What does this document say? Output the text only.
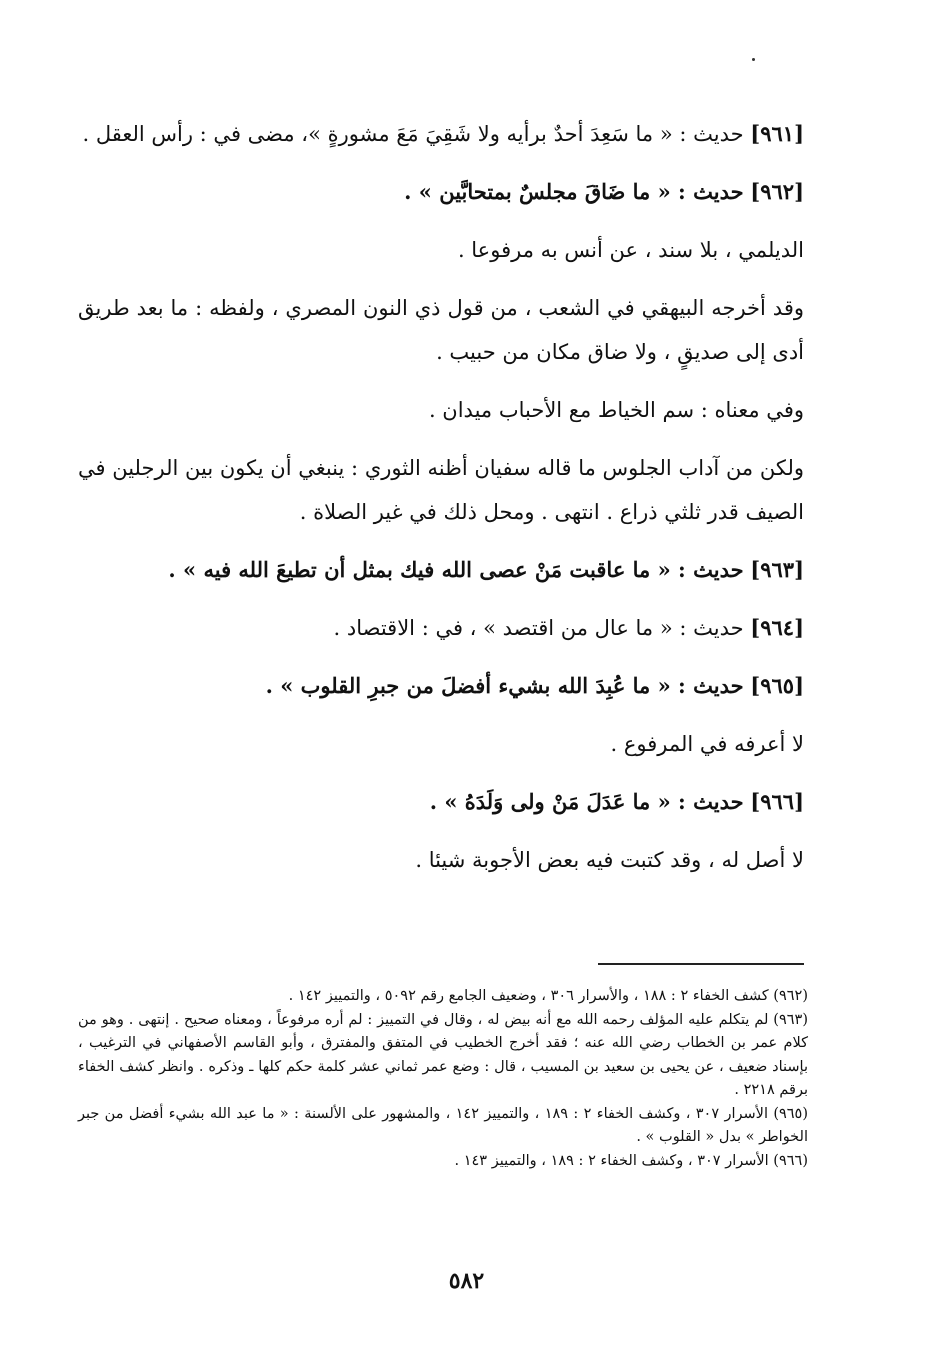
[٩٦١] حديث : « ما سَعِدَ أحدٌ برأيه ولا شَقِيَ مَعَ مشورةٍ »، مضى في : رأس العقل .

[٩٦٢] حديث : « ما ضَاقَ مجلسٌ بمتحابَّين » .

الديلمي ، بلا سند ، عن أنس به مرفوعا .

وقد أخرجه البيهقي في الشعب ، من قول ذي النون المصري ، ولفظه : ما بعد طريق أدى إلى صديقٍ ، ولا ضاق مكان من حبيب .

وفي معناه : سم الخياط مع الأحباب ميدان .

ولكن من آداب الجلوس ما قاله سفيان أظنه الثوري : ينبغي أن يكون بين الرجلين في الصيف قدر ثلثي ذراع . انتهى . ومحل ذلك في غير الصلاة .

[٩٦٣] حديث : « ما عاقبت مَنْ عصى الله فيك بمثل أن تطيعَ الله فيه » .

[٩٦٤] حديث : « ما عال من اقتصد » ، في : الاقتصاد .

[٩٦٥] حديث : « ما عُبِدَ الله بشيء أفضلَ من جبرِ القلوب » .

لا أعرفه في المرفوع .

[٩٦٦] حديث : « ما عَدَلَ مَنْ ولى وَلَدَهُ » .

لا أصل له ، وقد كتبت فيه بعض الأجوبة شيئا .

(٩٦٢) كشف الخفاء ٢ : ١٨٨ ، والأسرار ٣٠٦ ، وضعيف الجامع رقم ٥٠٩٢ ، والتمييز ١٤٢ .

(٩٦٣) لم يتكلم عليه المؤلف رحمه الله مع أنه بيض له ، وقال في التمييز : لم أره مرفوعاً ، ومعناه صحيح . إنتهى . وهو من كلام عمر بن الخطاب رضي الله عنه ؛ فقد أخرج الخطيب في المتفق والمفترق ، وأبو القاسم الأصفهاني في الترغيب ، بإسناد ضعيف ، عن يحيى بن سعيد بن المسيب ، قال : وضع عمر ثماني عشر كلمة حكم كلها ـ وذكره . وانظر كشف الخفاء برقم ٢٢١٨ .

(٩٦٥) الأسرار ٣٠٧ ، وكشف الخفاء ٢ : ١٨٩ ، والتمييز ١٤٢ ، والمشهور على الألسنة : « ما عبد الله بشيء أفضل من جبر الخواطر » بدل « القلوب » .

(٩٦٦) الأسرار ٣٠٧ ، وكشف الخفاء ٢ : ١٨٩ ، والتمييز ١٤٣ .

٥٨٢
